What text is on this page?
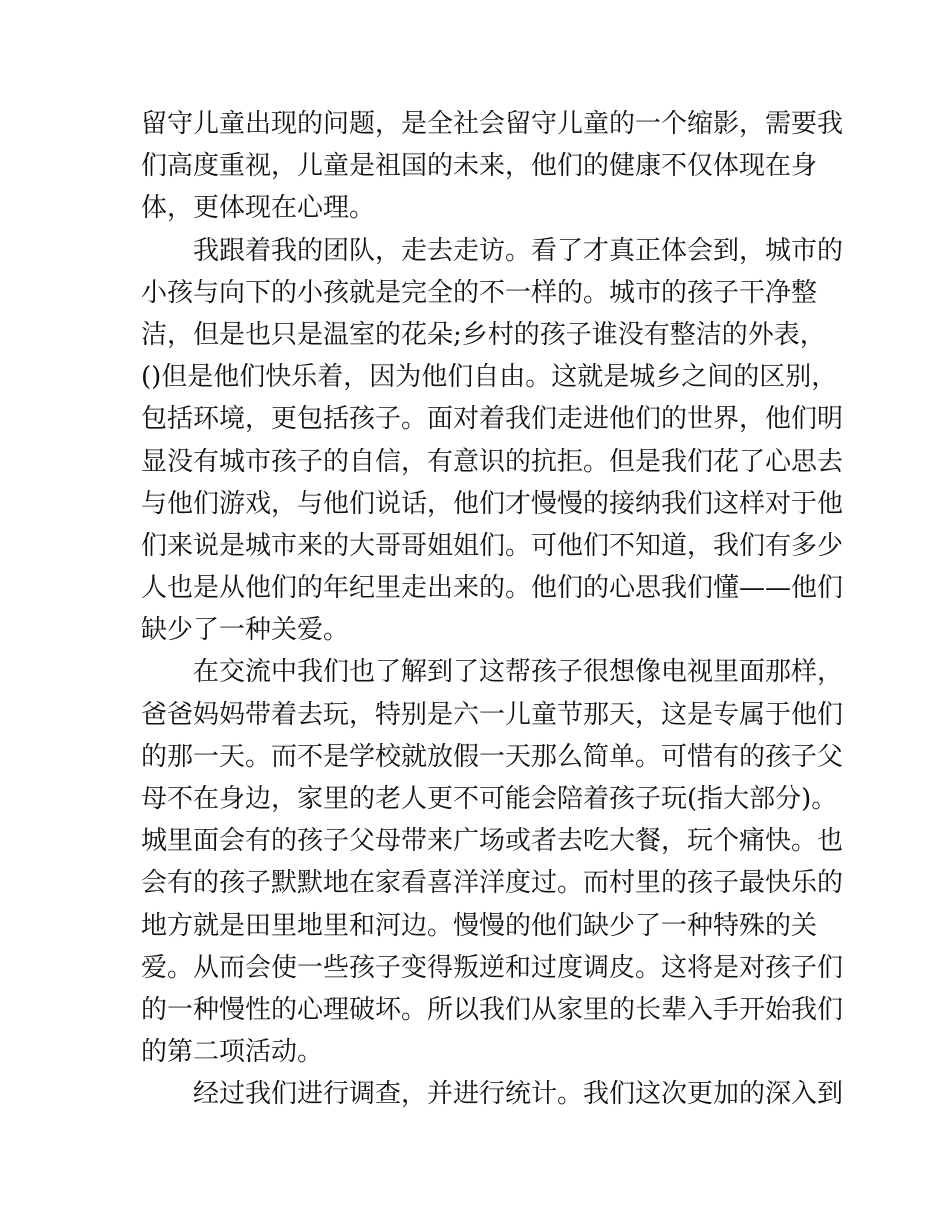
留守儿童出现的问题，是全社会留守儿童的一个缩影，需要我
们高度重视，儿童是祖国的未来，他们的健康不仅体现在身
体，更体现在心理。
我跟着我的团队，走去走访。看了才真正体会到，城市的
小孩与向下的小孩就是完全的不一样的。城市的孩子干净整
洁，但是也只是温室的花朵;乡村的孩子谁没有整洁的外表，
()但是他们快乐着，因为他们自由。这就是城乡之间的区别，
包括环境，更包括孩子。面对着我们走进他们的世界，他们明
显没有城市孩子的自信，有意识的抗拒。但是我们花了心思去
与他们游戏，与他们说话，他们才慢慢的接纳我们这样对于他
们来说是城市来的大哥哥姐姐们。可他们不知道，我们有多少
人也是从他们的年纪里走出来的。他们的心思我们懂——他们
缺少了一种关爱。
在交流中我们也了解到了这帮孩子很想像电视里面那样，
爸爸妈妈带着去玩，特别是六一儿童节那天，这是专属于他们
的那一天。而不是学校就放假一天那么简单。可惜有的孩子父
母不在身边，家里的老人更不可能会陪着孩子玩(指大部分)。
城里面会有的孩子父母带来广场或者去吃大餐，玩个痛快。也
会有的孩子默默地在家看喜洋洋度过。而村里的孩子最快乐的
地方就是田里地里和河边。慢慢的他们缺少了一种特殊的关
爱。从而会使一些孩子变得叛逆和过度调皮。这将是对孩子们
的一种慢性的心理破坏。所以我们从家里的长辈入手开始我们
的第二项活动。
经过我们进行调查，并进行统计。我们这次更加的深入到
